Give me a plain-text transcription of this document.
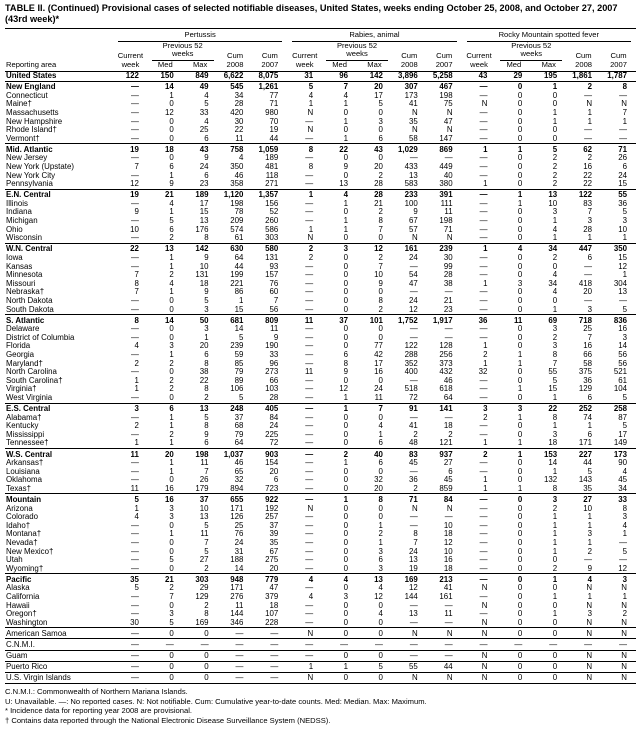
TABLE II. (Continued) Provisional cases of selected notifiable diseases, United States, weeks ending October 25, 2008, and October 27, 2007 (43rd week)*
Reporting area	Pertussis					Rabies, animal					Rocky Mountain spotted fever				

	Current week	Previous 52 weeks		Cum 2008	Cum 2007	Current week	Previous 52 weeks		Cum 2008	Cum 2007	Current week	Previous 52 weeks		Cum 2008	Cum 2007
		Med	Max				Med	Max				Med	Max		
United States	122	150	849	6,622	8,075	31	96	142	3,896	5,258	43	29	195	1,861	1,787
New England	—	14	49	545	1,261	5	7	20	307	467	—	0	1	2	8
Connecticut	—	1	4	34	77	4	4	17	173	198	—	0	0	—	—
Maine†	—	0	5	28	71	1	1	5	41	75	N	0	0	N	N
Massachusetts	—	12	33	420	980	N	0	0	N	N	—	0	1	1	7
New Hampshire	—	0	4	30	70	—	1	3	35	47	—	0	1	1	1
Rhode Island†	—	0	25	22	19	N	0	0	N	N	—	0	0	—	—
Vermont†	—	0	6	11	44	—	1	6	58	147	—	0	0	—	—
Mid. Atlantic	19	18	43	758	1,059	8	22	43	1,029	869	1	1	5	62	71
New Jersey	—	0	9	4	189	—	0	0	—	—	—	0	2	2	26
New York (Upstate)	7	6	24	350	481	8	9	20	433	449	—	0	2	16	6
New York City	—	1	6	46	118	—	0	2	13	40	—	0	2	22	24
Pennsylvania	12	9	23	358	271	—	13	28	583	380	1	0	2	22	15
E.N. Central	19	21	189	1,120	1,357	1	4	28	233	391	—	1	13	122	55
Illinois	—	4	17	198	156	—	1	21	100	111	—	1	10	83	36
Indiana	9	1	15	78	52	—	0	2	9	11	—	0	3	7	5
Michigan	—	5	13	209	260	—	1	8	67	198	—	0	1	3	3
Ohio	10	6	176	574	586	1	1	7	57	71	—	0	4	28	10
Wisconsin	—	2	8	61	303	N	0	0	N	N	—	0	1	1	1
W.N. Central	22	13	142	630	580	2	3	12	161	239	1	4	34	447	350
Iowa	—	1	9	64	131	2	0	2	24	30	—	0	2	6	15
Kansas	—	1	10	44	93	—	0	7	—	99	—	0	0	—	12
Minnesota	7	2	131	199	157	—	0	10	54	28	—	0	4	—	1
Missouri	8	4	18	221	76	—	0	9	47	38	1	3	34	418	304
Nebraska†	7	1	9	86	60	—	0	0	—	—	—	0	4	20	13
North Dakota	—	0	5	1	7	—	0	8	24	21	—	0	0	—	—
South Dakota	—	0	3	15	56	—	0	2	12	23	—	0	1	3	5
S. Atlantic	8	14	50	681	809	11	37	101	1,752	1,917	36	11	69	718	836
Delaware	—	0	3	14	11	—	0	0	—	—	—	0	3	25	16
District of Columbia	—	0	1	5	9	—	0	0	—	—	—	0	2	7	3
Florida	4	3	20	239	190	—	0	77	122	128	1	0	3	16	14
Georgia	—	1	6	59	33	—	6	42	288	256	2	1	8	66	56
Maryland†	2	2	8	85	96	—	8	17	352	373	1	1	7	58	56
North Carolina	—	0	38	79	273	11	9	16	400	432	32	0	55	375	521
South Carolina†	1	2	22	89	66	—	0	0	—	46	—	0	5	36	61
Virginia†	1	2	8	106	103	—	12	24	518	618	—	1	15	129	104
West Virginia	—	0	2	5	28	—	1	11	72	64	—	0	1	6	5
E.S. Central	3	6	13	248	405	—	1	7	91	141	3	3	22	252	258
Alabama†	—	1	5	37	84	—	0	0	—	—	2	1	8	74	87
Kentucky	2	1	8	68	24	—	0	4	41	18	—	0	1	1	5
Mississippi	—	2	9	79	225	—	0	1	2	2	—	0	3	6	17
Tennessee†	1	1	6	64	72	—	0	6	48	121	1	1	18	171	149
W.S. Central	11	20	198	1,037	903	—	2	40	83	937	2	1	153	227	173
Arkansas†	—	1	11	46	154	—	1	6	45	27	—	0	14	44	90
Louisiana	—	1	7	65	20	—	0	0	—	6	—	0	1	5	4
Oklahoma	—	0	26	32	6	—	0	32	36	45	1	0	132	143	45
Texas†	11	16	179	894	723	—	0	20	2	859	1	1	8	35	34
Mountain	5	16	37	655	922	—	1	8	71	84	—	0	3	27	33
Arizona	1	3	10	171	192	N	0	0	N	N	—	0	2	10	8
Colorado	4	3	13	126	257	—	0	0	—	—	—	0	1	1	3
Idaho†	—	0	5	25	37	—	0	1	—	10	—	0	1	1	4
Montana†	—	1	11	76	39	—	0	2	8	18	—	0	1	3	1
Nevada†	—	0	7	24	35	—	0	1	7	12	—	0	1	1	—
New Mexico†	—	0	5	31	67	—	0	3	24	10	—	0	1	2	5
Utah	—	5	27	188	275	—	0	6	13	16	—	0	0	—	—
Wyoming†	—	0	2	14	20	—	0	3	19	18	—	0	2	9	12
Pacific	35	21	303	948	779	4	4	13	169	213	—	0	1	4	3
Alaska	5	2	29	171	47	—	0	4	12	41	N	0	0	N	N
California	—	7	129	276	379	4	3	12	144	161	—	0	1	1	1
Hawaii	—	0	2	11	18	—	0	0	—	—	N	0	0	N	N
Oregon†	—	3	8	144	107	—	0	4	13	11	—	0	1	3	2
Washington	30	5	169	346	228	—	0	0	—	—	N	0	0	N	N
American Samoa	—	0	0	—	—	N	0	0	N	N	N	0	0	N	N
C.N.M.I.	—	—	—	—	—	—	—	—	—	—	—	—	—	—	—
Guam	—	0	0	—	—	—	0	0	—	—	N	0	0	N	N
Puerto Rico	—	0	0	—	—	1	1	5	55	44	N	0	0	N	N
U.S. Virgin Islands	—	0	0	—	—	N	0	0	N	N	N	0	0	N	N
C.N.M.I.: Commonwealth of Northern Mariana Islands.
U: Unavailable. —: No reported cases. N: Not notifiable. Cum: Cumulative year-to-date counts. Med: Median. Max: Maximum.
* Incidence data for reporting year 2008 are provisional.
† Contains data reported through the National Electronic Disease Surveillance System (NEDSS).
